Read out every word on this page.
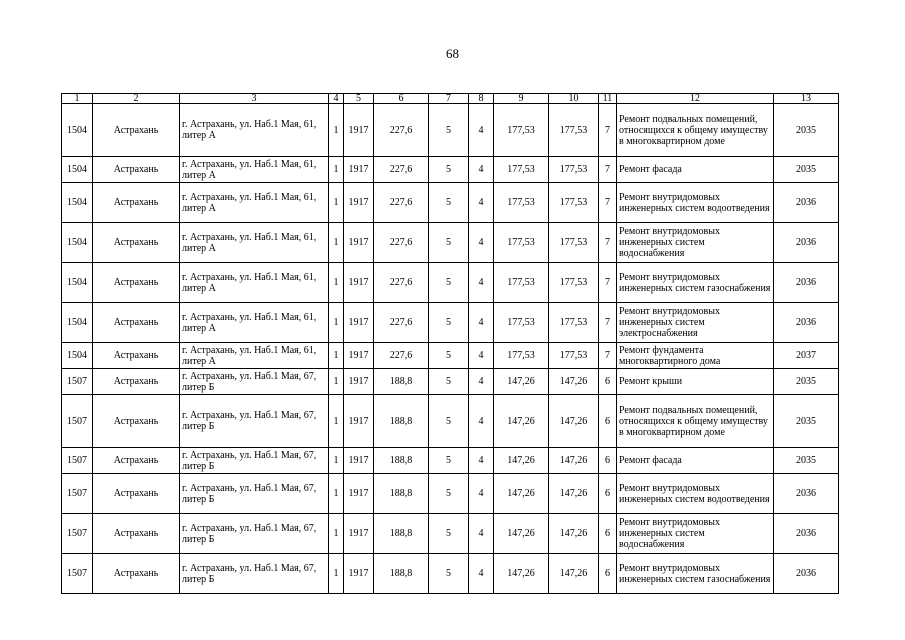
68
1	2	3	4	5	6	7	8	9	10	11	12	13
1504	Астрахань	г. Астрахань, ул. Наб.1 Мая, 61, литер А	1	1917	227,6	5	4	177,53	177,53	7	Ремонт подвальных помещений, относящихся к общему имуществу в многоквартирном доме	2035
1504	Астрахань	г. Астрахань, ул. Наб.1 Мая, 61, литер А	1	1917	227,6	5	4	177,53	177,53	7	Ремонт фасада	2035
1504	Астрахань	г. Астрахань, ул. Наб.1 Мая, 61, литер А	1	1917	227,6	5	4	177,53	177,53	7	Ремонт внутридомовых инженерных систем водоотведения	2036
1504	Астрахань	г. Астрахань, ул. Наб.1 Мая, 61, литер А	1	1917	227,6	5	4	177,53	177,53	7	Ремонт внутридомовых инженерных систем водоснабжения	2036
1504	Астрахань	г. Астрахань, ул. Наб.1 Мая, 61, литер А	1	1917	227,6	5	4	177,53	177,53	7	Ремонт внутридомовых инженерных систем газоснабжения	2036
1504	Астрахань	г. Астрахань, ул. Наб.1 Мая, 61, литер А	1	1917	227,6	5	4	177,53	177,53	7	Ремонт внутридомовых инженерных систем электроснабжения	2036
1504	Астрахань	г. Астрахань, ул. Наб.1 Мая, 61, литер А	1	1917	227,6	5	4	177,53	177,53	7	Ремонт фундамента многоквартирного дома	2037
1507	Астрахань	г. Астрахань, ул. Наб.1 Мая, 67, литер Б	1	1917	188,8	5	4	147,26	147,26	6	Ремонт крыши	2035
1507	Астрахань	г. Астрахань, ул. Наб.1 Мая, 67, литер Б	1	1917	188,8	5	4	147,26	147,26	6	Ремонт подвальных помещений, относящихся к общему имуществу в многоквартирном доме	2035
1507	Астрахань	г. Астрахань, ул. Наб.1 Мая, 67, литер Б	1	1917	188,8	5	4	147,26	147,26	6	Ремонт фасада	2035
1507	Астрахань	г. Астрахань, ул. Наб.1 Мая, 67, литер Б	1	1917	188,8	5	4	147,26	147,26	6	Ремонт внутридомовых инженерных систем водоотведения	2036
1507	Астрахань	г. Астрахань, ул. Наб.1 Мая, 67, литер Б	1	1917	188,8	5	4	147,26	147,26	6	Ремонт внутридомовых инженерных систем водоснабжения	2036
1507	Астрахань	г. Астрахань, ул. Наб.1 Мая, 67, литер Б	1	1917	188,8	5	4	147,26	147,26	6	Ремонт внутридомовых инженерных систем газоснабжения	2036
